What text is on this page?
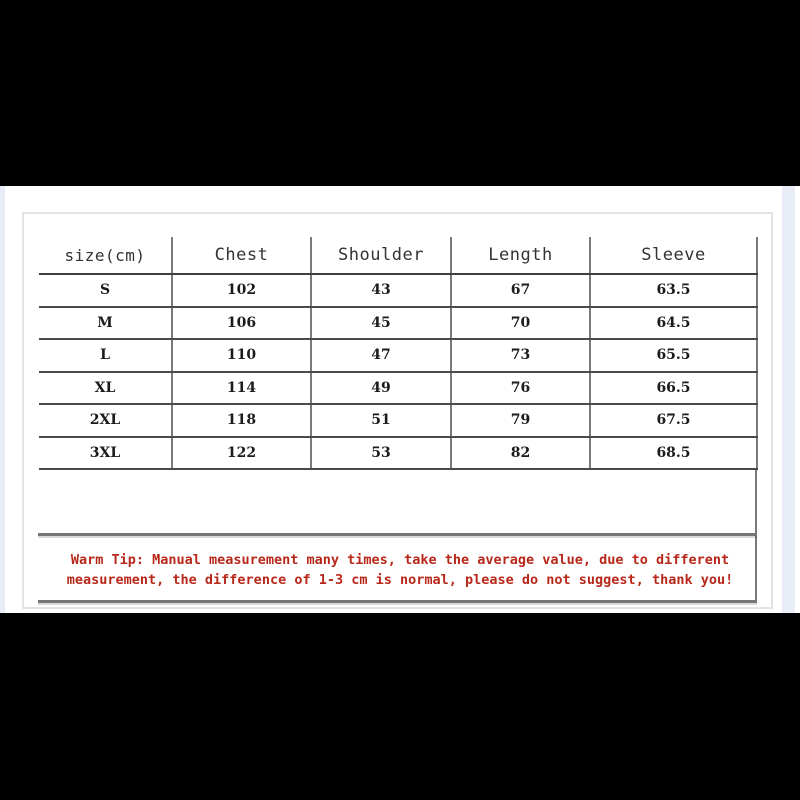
size(cm)	Chest	Shoulder	Length	Sleeve
S	102	43	67	63.5
M	106	45	70	64.5
L	110	47	73	65.5
XL	114	49	76	66.5
2XL	118	51	79	67.5
3XL	122	53	82	68.5
Warm Tip: Manual measurement many times, take the average value, due to different
measurement, the difference of 1-3 cm is normal, please do not suggest, thank you!
